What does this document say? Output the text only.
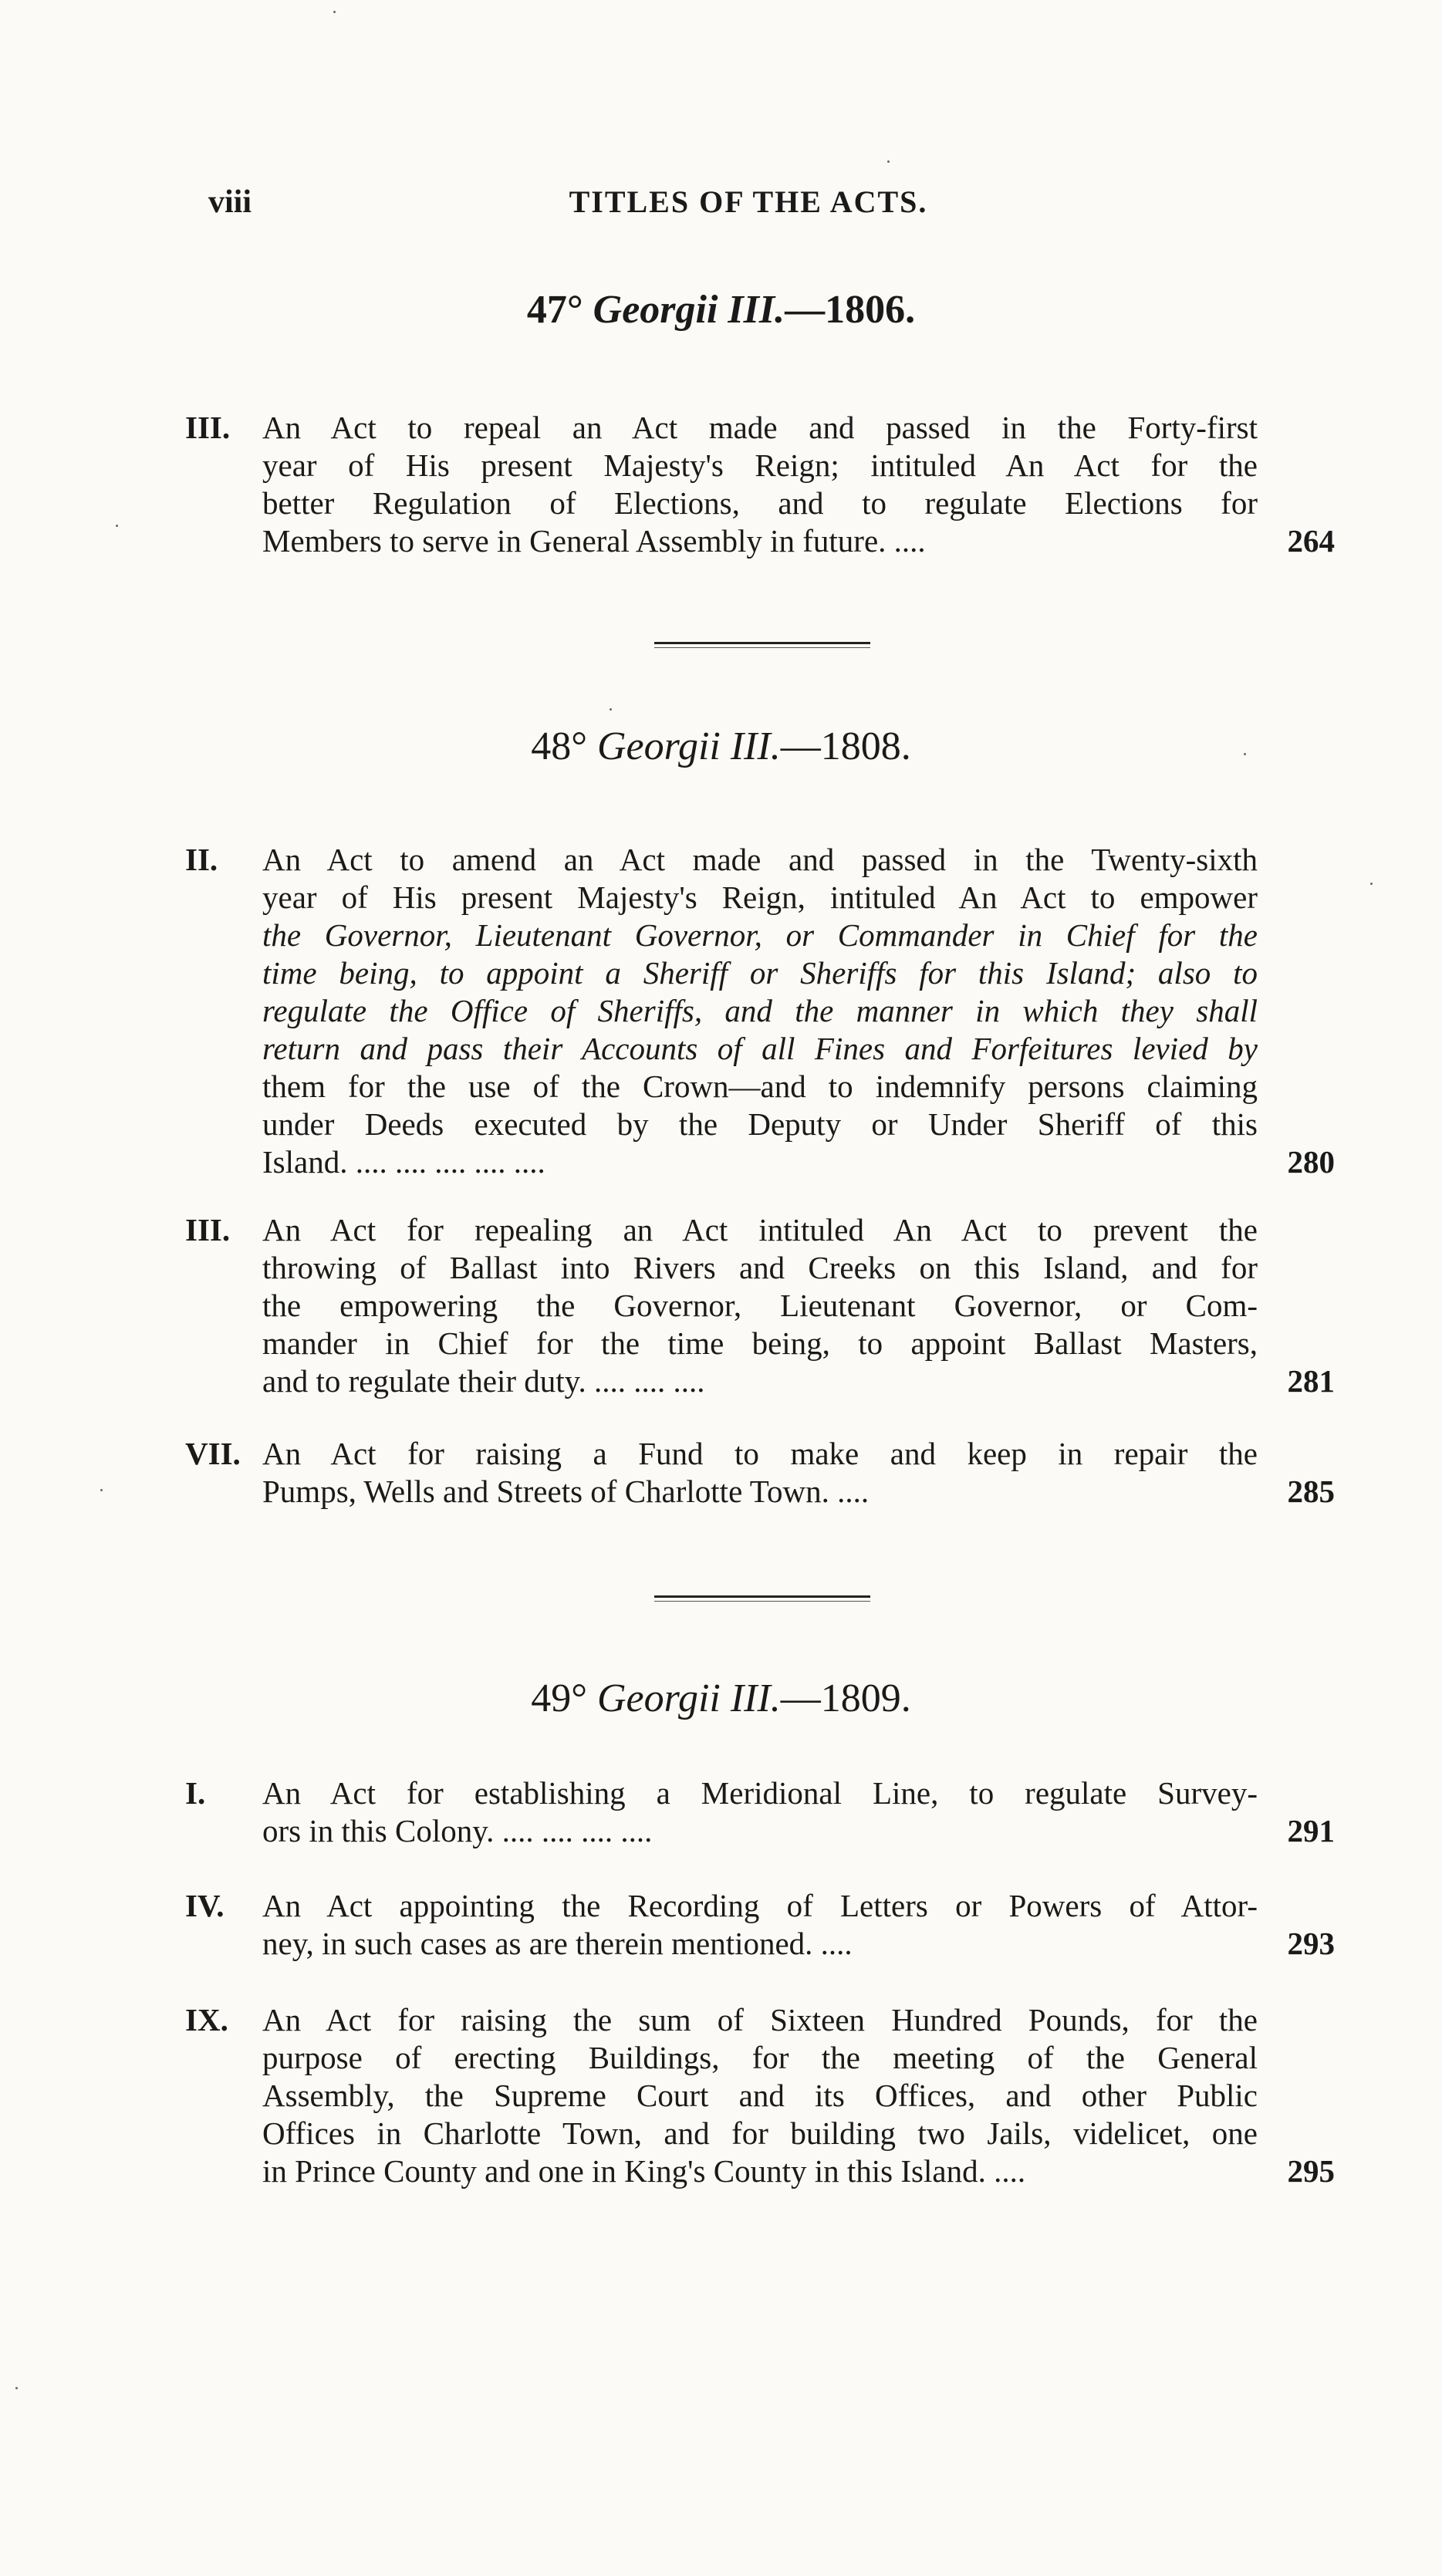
viii	TITLES OF THE ACTS.
47° Georgii III.—1806.
III. An Act to repeal an Act made and passed in the Forty-first
year of His present Majesty's Reign; intituled An Act for the
better Regulation of Elections, and to regulate Elections for
Members to serve in General Assembly in future. ....	264
48° Georgii III.—1808.
II. An Act to amend an Act made and passed in the Twenty-sixth
year of His present Majesty's Reign, intituled An Act to empower
the Governor, Lieutenant Governor, or Commander in Chief for the
time being, to appoint a Sheriff or Sheriffs for this Island; also to
regulate the Office of Sheriffs, and the manner in which they shall
return and pass their Accounts of all Fines and Forfeitures levied by
them for the use of the Crown—and to indemnify persons claiming
under Deeds executed by the Deputy or Under Sheriff of this
Island. .... .... .... .... ....	280
III. An Act for repealing an Act intituled An Act to prevent the
throwing of Ballast into Rivers and Creeks on this Island, and for
the empowering the Governor, Lieutenant Governor, or Com-
mander in Chief for the time being, to appoint Ballast Masters,
and to regulate their duty. .... .... ....	281
VII. An Act for raising a Fund to make and keep in repair the
Pumps, Wells and Streets of Charlotte Town. ....	285
49° Georgii III.—1809.
I. An Act for establishing a Meridional Line, to regulate Survey-
ors in this Colony. .... .... .... ....	291
IV. An Act appointing the Recording of Letters or Powers of Attor-
ney, in such cases as are therein mentioned. ....	293
IX. An Act for raising the sum of Sixteen Hundred Pounds, for the
purpose of erecting Buildings, for the meeting of the General
Assembly, the Supreme Court and its Offices, and other Public
Offices in Charlotte Town, and for building two Jails, videlicet, one
in Prince County and one in King's County in this Island. ....	295
